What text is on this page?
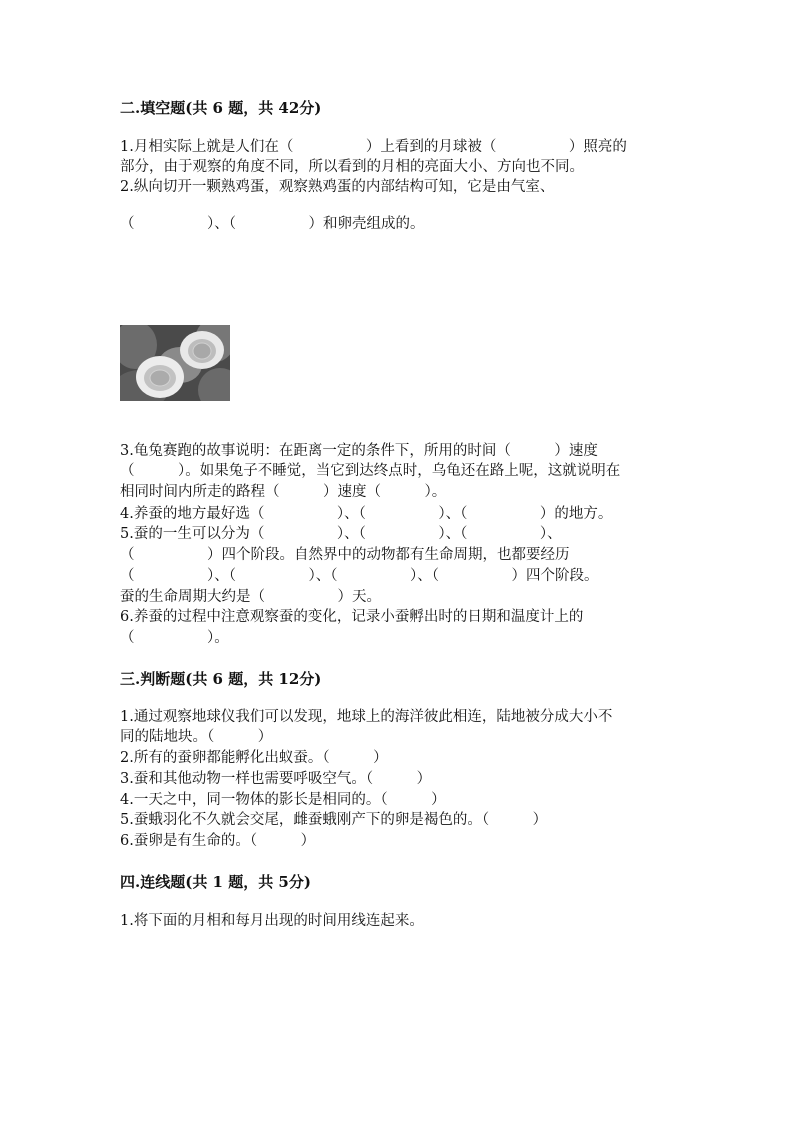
二.填空题(共 6 题，共 42分)
1.月相实际上就是人们在（　　　　　）上看到的月球被（　　　　　）照亮的
部分，由于观察的角度不同，所以看到的月相的亮面大小、方向也不同。
2.纵向切开一颗熟鸡蛋，观察熟鸡蛋的内部结构可知，它是由气室、
（　　　　　）、（　　　　　）和卵壳组成的。
3.龟兔赛跑的故事说明：在距离一定的条件下，所用的时间（　　　）速度
（　　　）。如果兔子不睡觉，当它到达终点时，乌龟还在路上呢，这就说明在
相同时间内所走的路程（　　　）速度（　　　）。
4.养蚕的地方最好选（　　　　　）、（　　　　　）、（　　　　　）的地方。
5.蚕的一生可以分为（　　　　　）、（　　　　　）、（　　　　　）、
（　　　　　）四个阶段。自然界中的动物都有生命周期，也都要经历
（　　　　　）、（　　　　　）、（　　　　　）、（　　　　　）四个阶段。
蚕的生命周期大约是（　　　　　）天。
6.养蚕的过程中注意观察蚕的变化，记录小蚕孵出时的日期和温度计上的
（　　　　　）。
三.判断题(共 6 题，共 12分)
1.通过观察地球仪我们可以发现，地球上的海洋彼此相连，陆地被分成大小不
同的陆地块。（　　　）
2.所有的蚕卵都能孵化出蚁蚕。（　　　）
3.蚕和其他动物一样也需要呼吸空气。（　　　）
4.一天之中，同一物体的影长是相同的。（　　　）
5.蚕蛾羽化不久就会交尾，雌蚕蛾刚产下的卵是褐色的。（　　　）
6.蚕卵是有生命的。（　　　）
四.连线题(共 1 题，共 5分)
1.将下面的月相和每月出现的时间用线连起来。
